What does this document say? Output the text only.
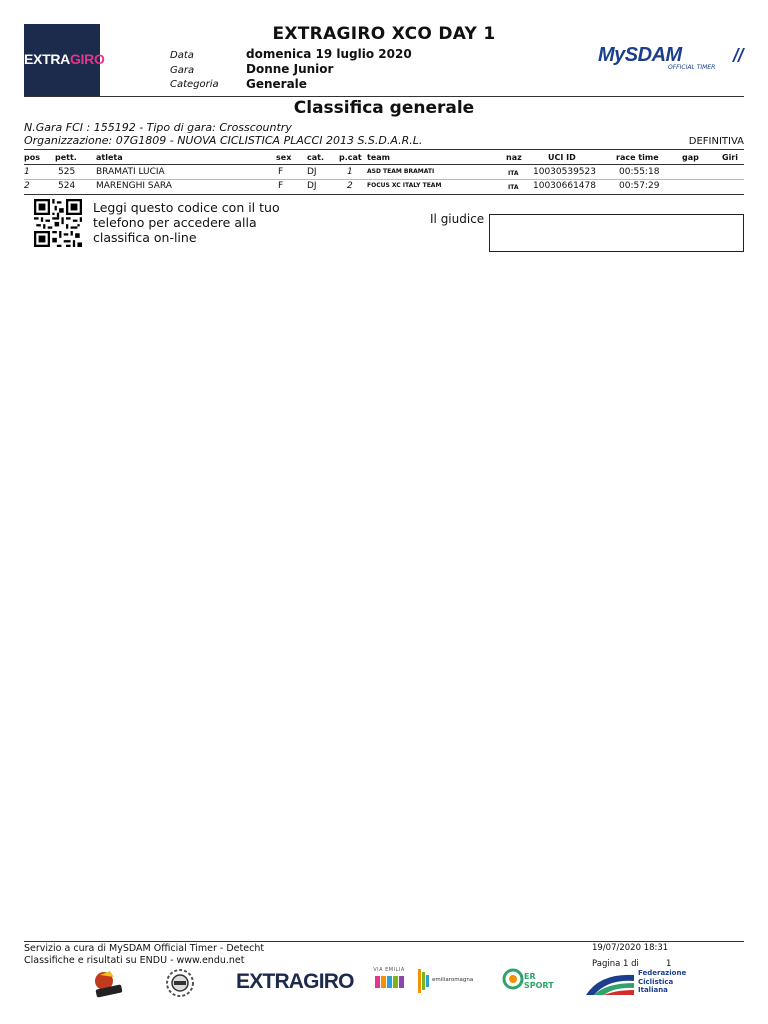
EXTRAGIRO
EXTRAGIRO XCO DAY 1
Data	domenica 19 luglio 2020
Gara	Donne Junior
Categoria Generale
MySDAM
OFFICIAL TIMER
Classifica generale
N.Gara FCI : 155192 - Tipo di gara: Crosscountry
Organizzazione: 07G1809 - NUOVA CICLISTICA PLACCI 2013 S.S.D.A.R.L.	DEFINITIVA
pos pett. atleta	sex cat. p.cat team	naz	UCI ID	race time	gap	Giri
1	525 BRAMATI LUCIA	F	DJ	1 ASD TEAM BRAMATI	ITA 10030539523	00:55:18
2	524 MARENGHI SARA	F	DJ	2 FOCUS XC ITALY TEAM	ITA 10030661478	00:57:29
Leggi questo codice con il tuo telefono per accedere alla classifica on-line
Il giudice
Servizio a cura di MySDAM Official Timer - Detecht
Classifiche e risultati su ENDU - www.endu.net
19/07/2020 18:31
Pagina 1 di	1
EXTRAGIRO	VIA EMILIA
emiliaromagna	ER SPORT
Federazione
Ciclistica
Italiana
